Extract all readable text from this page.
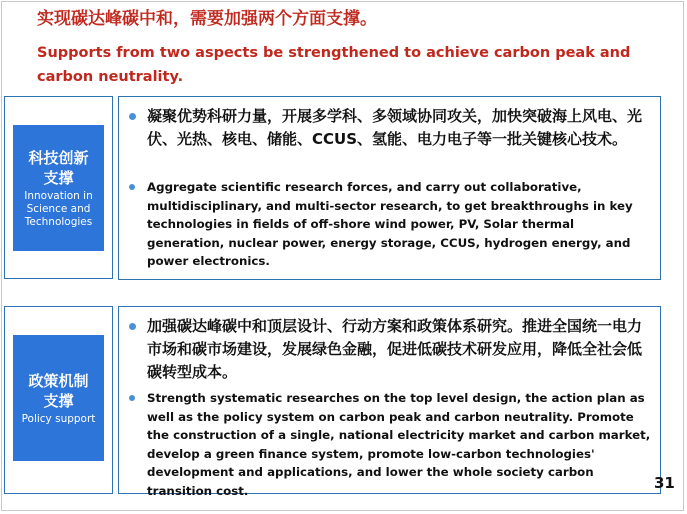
实现碳达峰碳中和，需要加强两个方面支撑。
Supports from two aspects be strengthened to achieve carbon peak and carbon neutrality.
科技创新
支撑
Innovation in Science and Technologies
凝聚优势科研力量，开展多学科、多领域协同攻关，加快突破海上风电、光伏、光热、核电、储能、CCUS、氢能、电力电子等一批关键核心技术。
Aggregate scientific research forces, and carry out collaborative, multidisciplinary, and multi-sector research, to get breakthroughs in key technologies in fields of off-shore wind power, PV, Solar thermal generation, nuclear power, energy storage, CCUS, hydrogen energy, and power electronics.
政策机制
支撑
Policy support
加强碳达峰碳中和顶层设计、行动方案和政策体系研究。推进全国统一电力市场和碳市场建设，发展绿色金融，促进低碳技术研发应用，降低全社会低碳转型成本。
Strength systematic researches on the top level design, the action plan as well as the policy system on carbon peak and carbon neutrality. Promote the construction of a single, national electricity market and carbon market, develop a green finance system, promote low-carbon technologies' development and applications, and lower the whole society carbon transition cost.	31
